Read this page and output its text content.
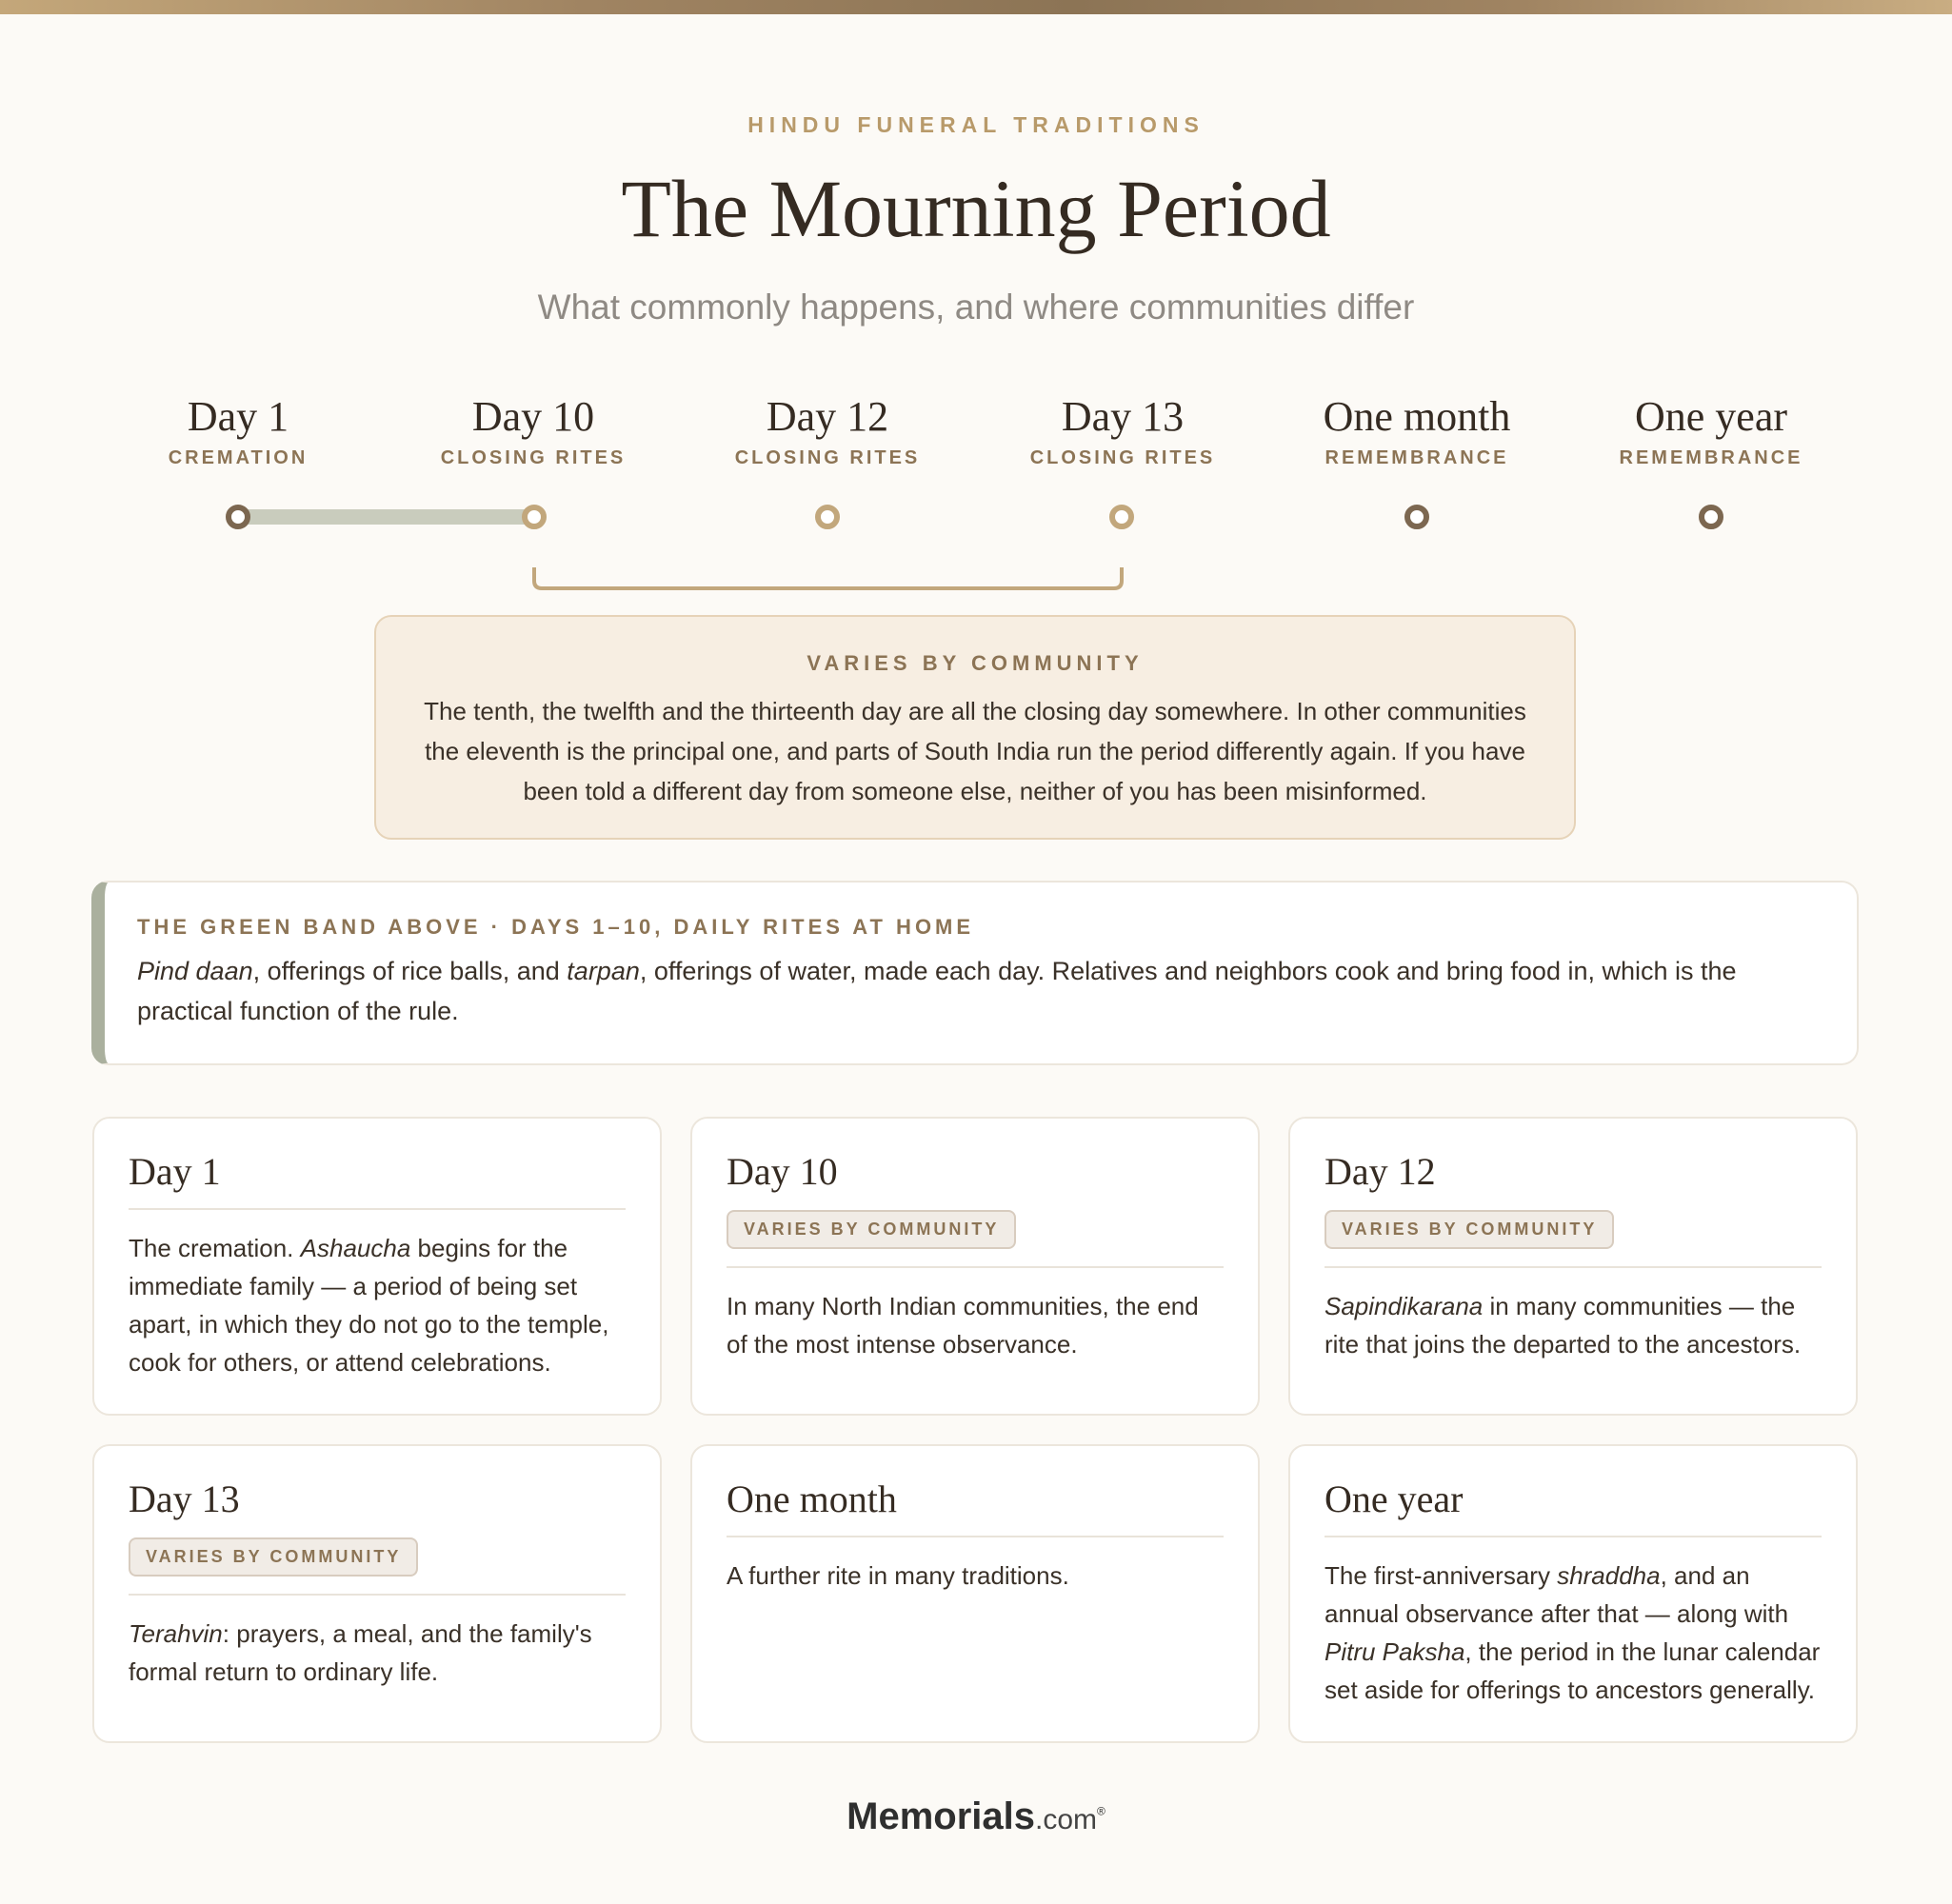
HINDU FUNERAL TRADITIONS
The Mourning Period
What commonly happens, and where communities differ
Day 1
CREMATION
Day 10
CLOSING RITES
Day 12
CLOSING RITES
Day 13
CLOSING RITES
One month
REMEMBRANCE
One year
REMEMBRANCE
VARIES BY COMMUNITY
The tenth, the twelfth and the thirteenth day are all the closing day somewhere. In other communities the eleventh is the principal one, and parts of South India run the period differently again. If you have been told a different day from someone else, neither of you has been misinformed.
THE GREEN BAND ABOVE · DAYS 1–10, DAILY RITES AT HOME
Pind daan, offerings of rice balls, and tarpan, offerings of water, made each day. Relatives and neighbors cook and bring food in, which is the practical function of the rule.
Day 1
The cremation. Ashaucha begins for the immediate family — a period of being set apart, in which they do not go to the temple, cook for others, or attend celebrations.
Day 10
VARIES BY COMMUNITY
In many North Indian communities, the end of the most intense observance.
Day 12
VARIES BY COMMUNITY
Sapindikarana in many communities — the rite that joins the departed to the ancestors.
Day 13
VARIES BY COMMUNITY
Terahvin: prayers, a meal, and the family's formal return to ordinary life.
One month
A further rite in many traditions.
One year
The first-anniversary shraddha, and an annual observance after that — along with Pitru Paksha, the period in the lunar calendar set aside for offerings to ancestors generally.
Memorials.com®
